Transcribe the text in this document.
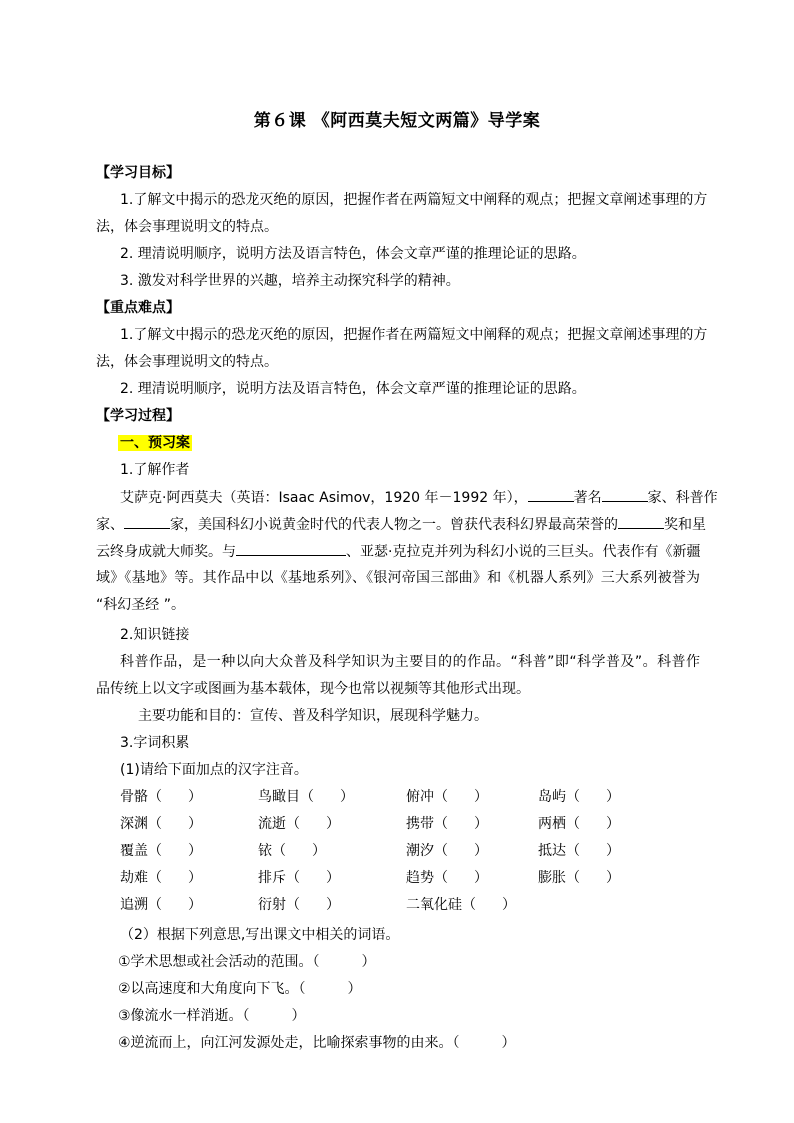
第６课 《阿西莫夫短文两篇》导学案
【学习目标】
1.了解文中揭示的恐龙灭绝的原因，把握作者在两篇短文中阐释的观点；把握文章阐述事理的方
法，体会事理说明文的特点。
2. 理清说明顺序，说明方法及语言特色，体会文章严谨的推理论证的思路。
3. 激发对科学世界的兴趣，培养主动探究科学的精神。
【重点难点】
1.了解文中揭示的恐龙灭绝的原因，把握作者在两篇短文中阐释的观点；把握文章阐述事理的方
法，体会事理说明文的特点。
2. 理清说明顺序，说明方法及语言特色，体会文章严谨的推理论证的思路。
【学习过程】
一、预习案
1.了解作者
艾萨克·阿西莫夫（英语：Isaac Asimov，1920 年－1992 年），	著名	家、科普作
家、	家，美国科幻小说黄金时代的代表人物之一。曾获代表科幻界最高荣誉的	奖和星
云终身成就大师奖。与	、亚瑟·克拉克并列为科幻小说的三巨头。代表作有《新疆
域》《基地》等。其作品中以《基地系列》、《银河帝国三部曲》和《机器人系列》三大系列被誉为
“科幻圣经 ”。
2.知识链接
科普作品，是一种以向大众普及科学知识为主要目的的作品。“科普”即“科学普及”。科普作
品传统上以文字或图画为基本载体，现今也常以视频等其他形式出现。
主要功能和目的：宣传、普及科学知识，展现科学魅力。
3.字词积累
(1)请给下面加点的汉字注音。
骨骼（ ）	鸟瞰目（ ）	俯冲（ ）	岛屿（ ）
深渊（ ）	流逝（ ）	携带（ ）	两栖（ ）
覆盖（ ）	铱（ ）	潮汐（ ）	抵达（ ）
劫难（ ）	排斥（ ）	趋势（ ）	膨胀（ ）
追溯（ ）	衍射（ ）	二氧化硅（ ）
（2）根据下列意思,写出课文中相关的词语。
①学术思想或社会活动的范围。（　　　）
②以高速度和大角度向下飞。（　　　）
③像流水一样消逝。（　　　）
④逆流而上，向江河发源处走，比喻探索事物的由来。（　　　）
